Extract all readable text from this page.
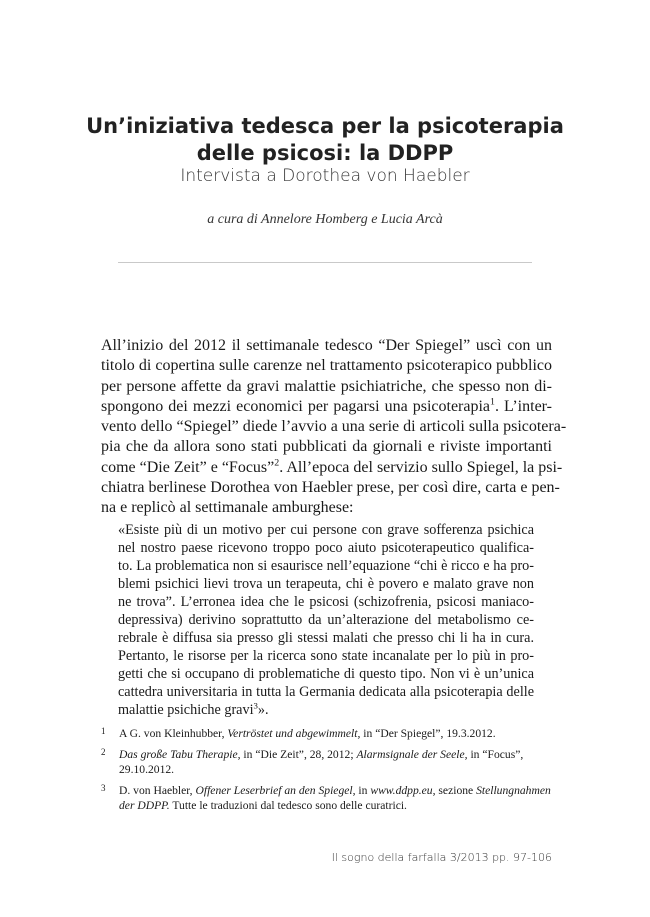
Un’iniziativa tedesca per la psicoterapia
delle psicosi: la DDPP
Intervista a Dorothea von Haebler
a cura di Annelore Homberg e Lucia Arcà
All’inizio del 2012 il settimanale tedesco “Der Spiegel” uscì con un
titolo di copertina sulle carenze nel trattamento psicoterapico pubblico
per persone affette da gravi malattie psichiatriche, che spesso non di-
spongono dei mezzi economici per pagarsi una psicoterapia$^1$. L’inter-
vento dello “Spiegel” diede l’avvio a una serie di articoli sulla psicotera-
pia che da allora sono stati pubblicati da giornali e riviste importanti
come “Die Zeit” e “Focus”$^2$. All’epoca del servizio sullo Spiegel, la psi-
chiatra berlinese Dorothea von Haebler prese, per così dire, carta e pen-
na e replicò al settimanale amburghese:
«Esiste più di un motivo per cui persone con grave sofferenza psichica
nel nostro paese ricevono troppo poco aiuto psicoterapeutico qualifica-
to. La problematica non si esaurisce nell’equazione “chi è ricco e ha pro-
blemi psichici lievi trova un terapeuta, chi è povero e malato grave non
ne trova”. L’erronea idea che le psicosi (schizofrenia, psicosi maniaco-
depressiva) derivino soprattutto da un’alterazione del metabolismo ce-
rebrale è diffusa sia presso gli stessi malati che presso chi li ha in cura.
Pertanto, le risorse per la ricerca sono state incanalate per lo più in pro-
getti che si occupano di problematiche di questo tipo. Non vi è un’unica
cattedra universitaria in tutta la Germania dedicata alla psicoterapia delle
malattie psichiche gravi$^3$».
1 A G. von Kleinhubber, Vertröstet und abgewimmelt, in “Der Spiegel”, 19.3.2012.
2 Das große Tabu Therapie, in “Die Zeit”, 28, 2012; Alarmsignale der Seele, in “Focus”, 29.10.2012.
3 D. von Haebler, Offener Leserbrief an den Spiegel, in www.ddpp.eu, sezione Stellungnahmen der DDPP. Tutte le traduzioni dal tedesco sono delle curatrici.
Il sogno della farfalla 3/2013 pp. 97-106
